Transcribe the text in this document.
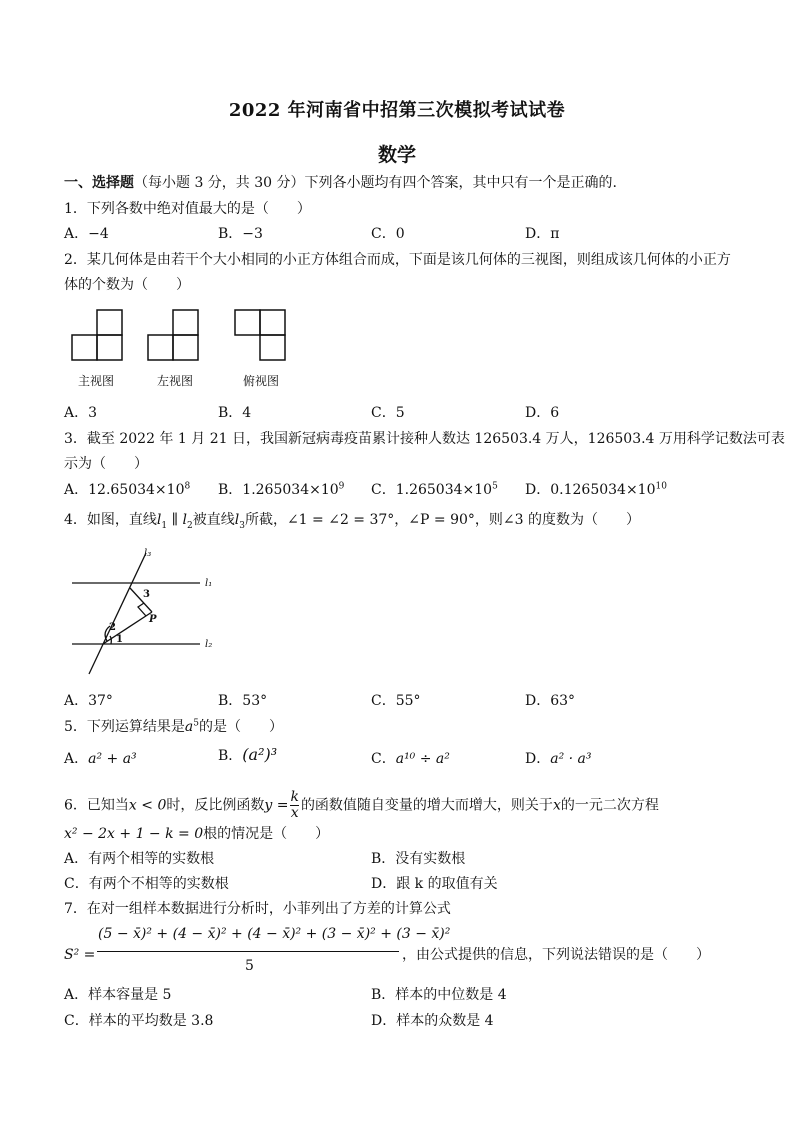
2022 年河南省中招第三次模拟考试试卷
数学
一、选择题（每小题 3 分，共 30 分）下列各小题均有四个答案，其中只有一个是正确的.
1．下列各数中绝对值最大的是（　　）
A．−4	B．−3	C．0	D．π
2．某几何体是由若干个大小相同的小正方体组合而成，下面是该几何体的三视图，则组成该几何体的小正方
体的个数为（　　）
主视图	左视图	俯视图
A．3	B．4	C．5	D．6
3．截至 2022 年 1 月 21 日，我国新冠病毒疫苗累计接种人数达 126503.4 万人，126503.4 万用科学记数法可表
示为（　　）
A．$12.65034\times 10^8$ B．$1.265034\times 10^9$ C．$1.265034\times 10^5$ D．$0.1265034\times 10^{10}$
4．如图，直线$l_1$ ∥ $l_2$被直线$l_3$所截，∠1 = ∠2 = 37°，∠P = 90°，则∠3 的度数为（　　）
l₃
l₁
l₂
3
P
2
1
A．37°	B．53°	C．55°	D．63°
5．下列运算结果是$a^5$的是（　　）
A．a² + a³	B．(a²)³	C．a¹⁰ ÷ a²	D．a² · a³
6．已知当x < 0时，反比例函数$y = \frac{k}{x}$ 的函数值随自变量的增大而增大，则关于x的一元二次方程
x² − 2x + 1 − k = 0根的情况是（　　）
A．有两个相等的实数根	B．没有实数根
C．有两个不相等的实数根	D．跟 k 的取值有关
7．在对一组样本数据进行分析时，小菲列出了方差的计算公式
S² =
(5 − x̄)² + (4 − x̄)² + (4 − x̄)² + (3 − x̄)² + (3 − x̄)²
5
，由公式提供的信息，下列说法错误的是（　　）
A．样本容量是 5	B．样本的中位数是 4
C．样本的平均数是 3.8	D．样本的众数是 4
